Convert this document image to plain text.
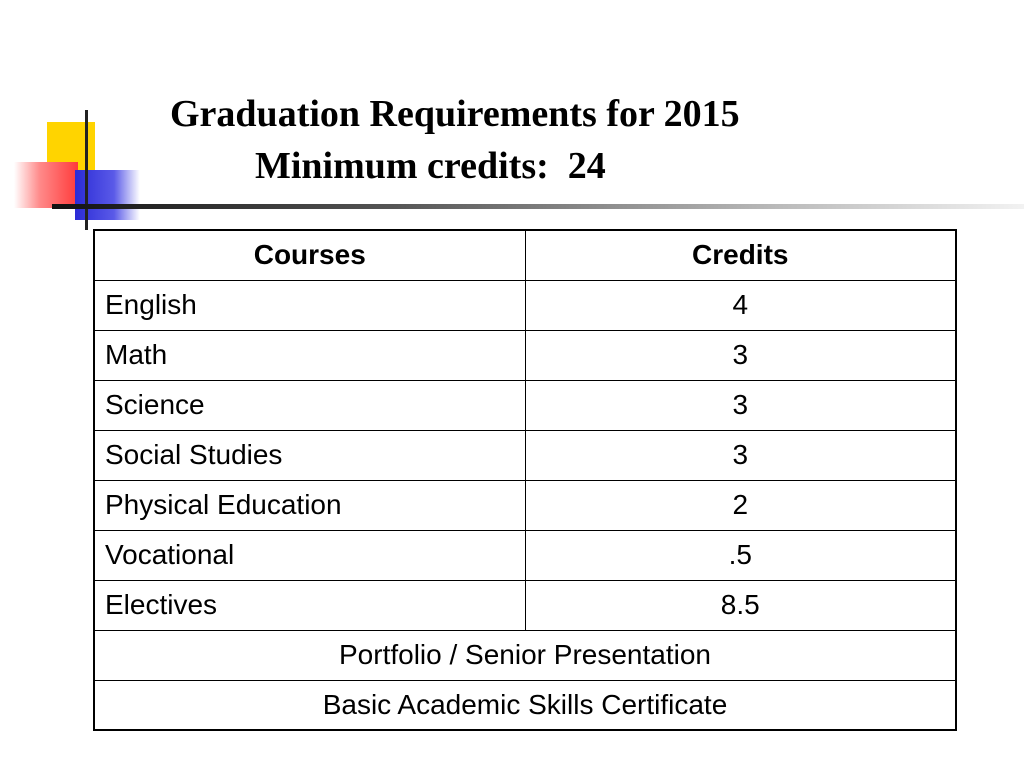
Graduation Requirements for 2015
Minimum credits:  24
Courses	Credits
English	4
Math	3
Science	3
Social Studies	3
Physical Education	2
Vocational	.5
Electives	8.5
Portfolio / Senior Presentation	
Basic Academic Skills Certificate	
